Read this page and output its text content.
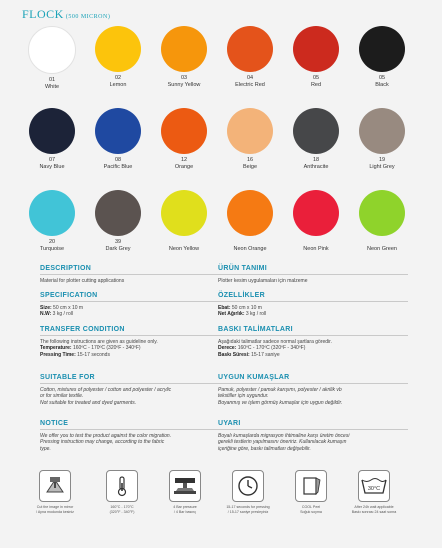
FLOCK (500 MICRON)
01
White
02
Lemon
03
Sunny Yellow
04
Electric Red
05
Red
05
Black
07
Navy Blue
08
Pacific Blue
12
Orange
16
Beige
18
Anthracite
19
Light Grey
20
Turquoise
39
Dark Grey	Neon Yellow	Neon Orange	Neon Pink	Neon Green
DESCRIPTION

Material for plotter cutting applications

SPECIFICATION

Size: 50 cm x 10 m
N.W: 3 kg / roll

TRANSFER CONDITION

The following instructions are given as guideline only.
Temperature: 160ºC - 170ºC (320ºF - 340ºF)
Pressing Time: 15-17 seconds

SUITABLE FOR

Cotton, mixtures of polyester / cotton and polyester / acrylic
or for similar textile.
Not suitable for treated and dyed garments.

NOTICE

We offer you to test the product against the color migration.
Pressing instruction may change, according to the fabric
type.

ÜRÜN TANIMI

Plotter kesim uygulamaları için malzeme

ÖZELLİKLER

Ebat: 50 cm x 10 m
Net Ağırlık: 3 kg / roll

BASKI TALİMATLARI

Aşağıdaki talimatlar sadece normal şartlara göredir.
Derece: 160ºC - 170ºC (320ºF - 340ºF)
Baskı Süresi: 15-17 saniye

UYGUN KUMAŞLAR

Pamuk, polyester / pamuk karışımı, polyester / akrilik vb
tekstiller için uygundur.
Boyanmış ve işlem görmüş kumaşlar için uygun değildir.

UYARI

Boyalı kumaşlarda migrasyon ihtimaline karşı üretim öncesi
gerekli testlerin yapılmasını öneririz. Kullanılacak kumaşın
içeriğine göre, baskı talimatları değişebilir.

Cut the image in mirror
/ Ayna modunda kesiniz
160°C - 170°C
(320°F - 340°F)
4 Bar pressure
/ 4 Bar basınç
15-17 seconds for pressing
/ 15-17 saniye presleyiniz
COOL Peel
Soğuk soyma
30°C
After 24h wait applicable
Baskı sonrası 24 saat sonra
